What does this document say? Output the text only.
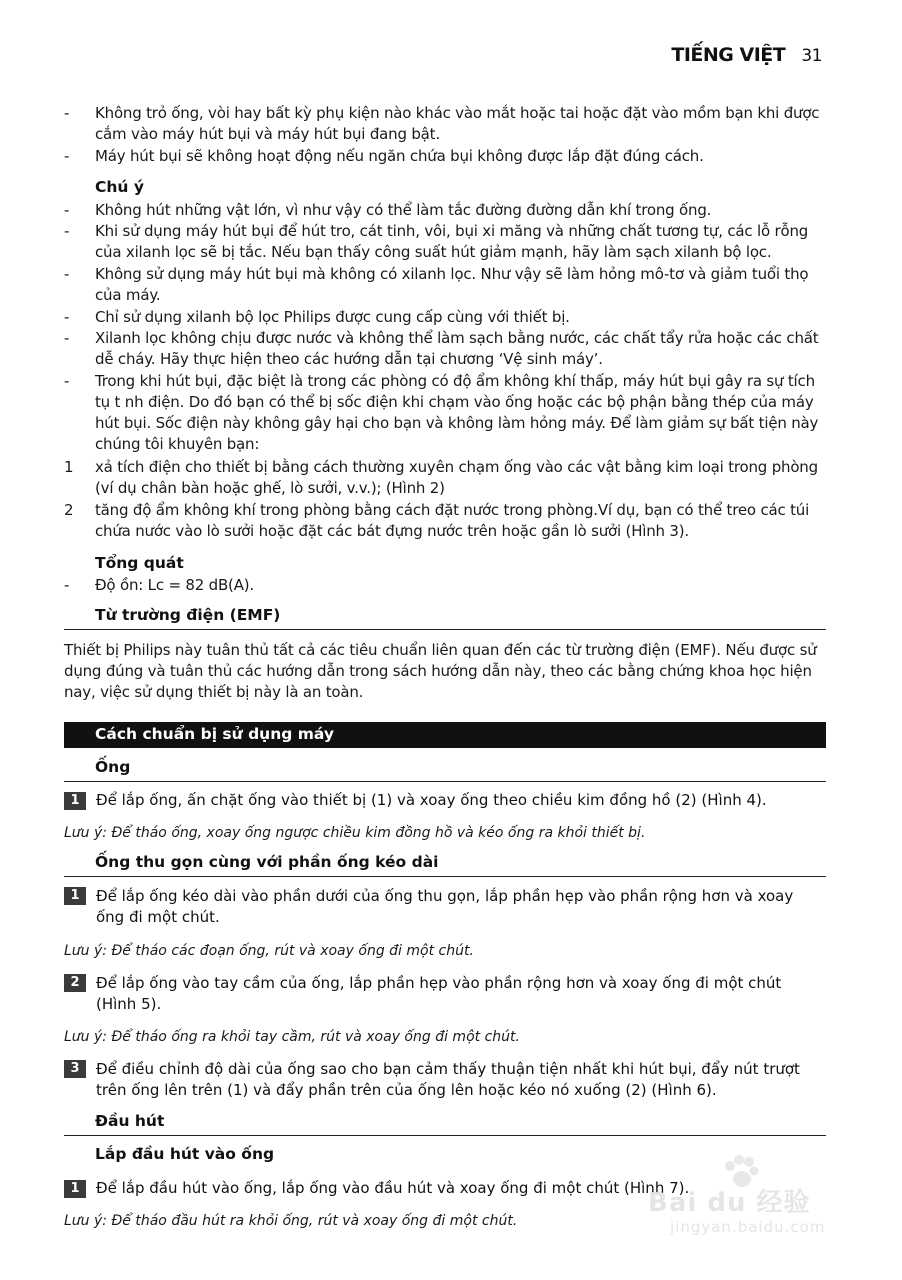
TIẾNG VIỆT 31
-	Không trỏ ống, vòi hay bất kỳ phụ kiện nào khác vào mắt hoặc tai hoặc đặt vào mồm bạn khi được cắm vào máy hút bụi và máy hút bụi đang bật.
-	Máy hút bụi sẽ không hoạt động nếu ngăn chứa bụi không được lắp đặt đúng cách.
Chú ý
-	Không hút những vật lớn, vì như vậy có thể làm tắc đường đường dẫn khí trong ống.
-	Khi sử dụng máy hút bụi để hút tro, cát tinh, vôi, bụi xi măng và những chất tương tự, các lỗ rỗng của xilanh lọc sẽ bị tắc. Nếu bạn thấy công suất hút giảm mạnh, hãy làm sạch xilanh bộ lọc.
-	Không sử dụng máy hút bụi mà không có xilanh lọc. Như vậy sẽ làm hỏng mô-tơ và giảm tuổi thọ của máy.
-	Chỉ sử dụng xilanh bộ lọc Philips được cung cấp cùng với thiết bị.
-	Xilanh lọc không chịu được nước và không thể làm sạch bằng nước, các chất tẩy rửa hoặc các chất dễ cháy. Hãy thực hiện theo các hướng dẫn tại chương ‘Vệ sinh máy’.
-	Trong khi hút bụi, đặc biệt là trong các phòng có độ ẩm không khí thấp, máy hút bụi gây ra sự tích tụ t nh điện. Do đó bạn có thể bị sốc điện khi chạm vào ống hoặc các bộ phận bằng thép của máy hút bụi. Sốc điện này không gây hại cho bạn và không làm hỏng máy. Để làm giảm sự bất tiện này chúng tôi khuyên bạn:
1	xả tích điện cho thiết bị bằng cách thường xuyên chạm ống vào các vật bằng kim loại trong phòng (ví dụ chân bàn hoặc ghế, lò sưởi, v.v.); (Hình 2)
2	tăng độ ẩm không khí trong phòng bằng cách đặt nước trong phòng.Ví dụ, bạn có thể treo các túi chứa nước vào lò sưởi hoặc đặt các bát đựng nước trên hoặc gần lò sưởi (Hình 3).
Tổng quát
-	Độ ồn: Lc = 82 dB(A).
Từ trường điện (EMF)
Thiết bị Philips này tuân thủ tất cả các tiêu chuẩn liên quan đến các từ trường điện (EMF). Nếu được sử dụng đúng và tuân thủ các hướng dẫn trong sách hướng dẫn này, theo các bằng chứng khoa học hiện nay, việc sử dụng thiết bị này là an toàn.
Cách chuẩn bị sử dụng máy
Ống
1	Để lắp ống, ấn chặt ống vào thiết bị (1) và xoay ống theo chiều kim đồng hồ (2) (Hình 4).
Lưu ý: Để tháo ống, xoay ống ngược chiều kim đồng hồ và kéo ống ra khỏi thiết bị.
Ống thu gọn cùng với phần ống kéo dài
1	Để lắp ống kéo dài vào phần dưới của ống thu gọn, lắp phần hẹp vào phần rộng hơn và xoay ống đi một chút.
Lưu ý: Để tháo các đoạn ống, rút và xoay ống đi một chút.
2	Để lắp ống vào tay cầm của ống, lắp phần hẹp vào phần rộng hơn và xoay ống đi một chút (Hình 5).
Lưu ý: Để tháo ống ra khỏi tay cầm, rút và xoay ống đi một chút.
3	Để điều chỉnh độ dài của ống sao cho bạn cảm thấy thuận tiện nhất khi hút bụi, đẩy nút trượt trên ống lên trên (1) và đẩy phần trên của ống lên hoặc kéo nó xuống (2) (Hình 6).
Đầu hút
Lắp đầu hút vào ống
1	Để lắp đầu hút vào ống, lắp ống vào đầu hút và xoay ống đi một chút (Hình 7).
Lưu ý: Để tháo đầu hút ra khỏi ống, rút và xoay ống đi một chút.
Bai du 经验
jingyan.baidu.com
